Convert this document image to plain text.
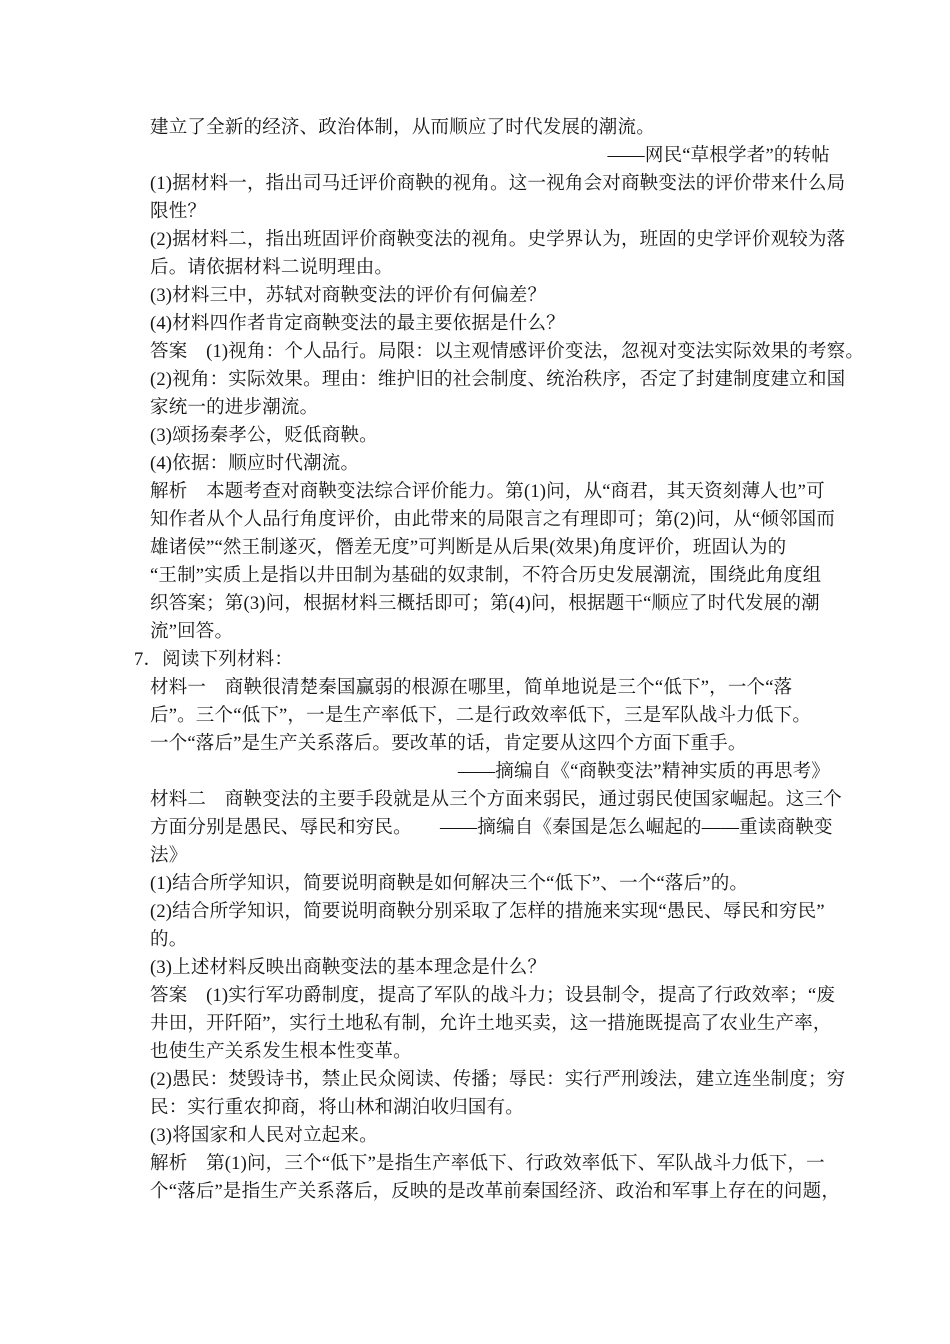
建立了全新的经济、政治体制，从而顺应了时代发展的潮流。
——网民“草根学者”的转帖
(1)据材料一，指出司马迁评价商鞅的视角。这一视角会对商鞅变法的评价带来什么局
限性？
(2)据材料二，指出班固评价商鞅变法的视角。史学界认为，班固的史学评价观较为落
后。请依据材料二说明理由。
(3)材料三中，苏轼对商鞅变法的评价有何偏差？
(4)材料四作者肯定商鞅变法的最主要依据是什么？
答案　(1)视角：个人品行。局限：以主观情感评价变法，忽视对变法实际效果的考察。
(2)视角：实际效果。理由：维护旧的社会制度、统治秩序，否定了封建制度建立和国
家统一的进步潮流。
(3)颂扬秦孝公，贬低商鞅。
(4)依据：顺应时代潮流。
解析　本题考查对商鞅变法综合评价能力。第(1)问，从“商君，其天资刻薄人也”可
知作者从个人品行角度评价，由此带来的局限言之有理即可；第(2)问，从“倾邻国而
雄诸侯”“然王制遂灭，僭差无度”可判断是从后果(效果)角度评价，班固认为的
“王制”实质上是指以井田制为基础的奴隶制，不符合历史发展潮流，围绕此角度组
织答案；第(3)问，根据材料三概括即可；第(4)问，根据题干“顺应了时代发展的潮
流”回答。
7．阅读下列材料：
材料一　商鞅很清楚秦国赢弱的根源在哪里，简单地说是三个“低下”，一个“落
后”。三个“低下”，一是生产率低下，二是行政效率低下，三是军队战斗力低下。
一个“落后”是生产关系落后。要改革的话，肯定要从这四个方面下重手。
——摘编自《“商鞅变法”精神实质的再思考》
材料二　商鞅变法的主要手段就是从三个方面来弱民，通过弱民使国家崛起。这三个
方面分别是愚民、辱民和穷民。　　——摘编自《秦国是怎么崛起的——重读商鞅变
法》
(1)结合所学知识，简要说明商鞅是如何解决三个“低下”、一个“落后”的。
(2)结合所学知识，简要说明商鞅分别采取了怎样的措施来实现“愚民、辱民和穷民”
的。
(3)上述材料反映出商鞅变法的基本理念是什么？
答案　(1)实行军功爵制度，提高了军队的战斗力；设县制令，提高了行政效率；“废
井田，开阡陌”，实行土地私有制，允许土地买卖，这一措施既提高了农业生产率，
也使生产关系发生根本性变革。
(2)愚民：焚毁诗书，禁止民众阅读、传播；辱民：实行严刑竣法，建立连坐制度；穷
民：实行重农抑商，将山林和湖泊收归国有。
(3)将国家和人民对立起来。
解析　第(1)问，三个“低下”是指生产率低下、行政效率低下、军队战斗力低下，一
个“落后”是指生产关系落后，反映的是改革前秦国经济、政治和军事上存在的问题，
